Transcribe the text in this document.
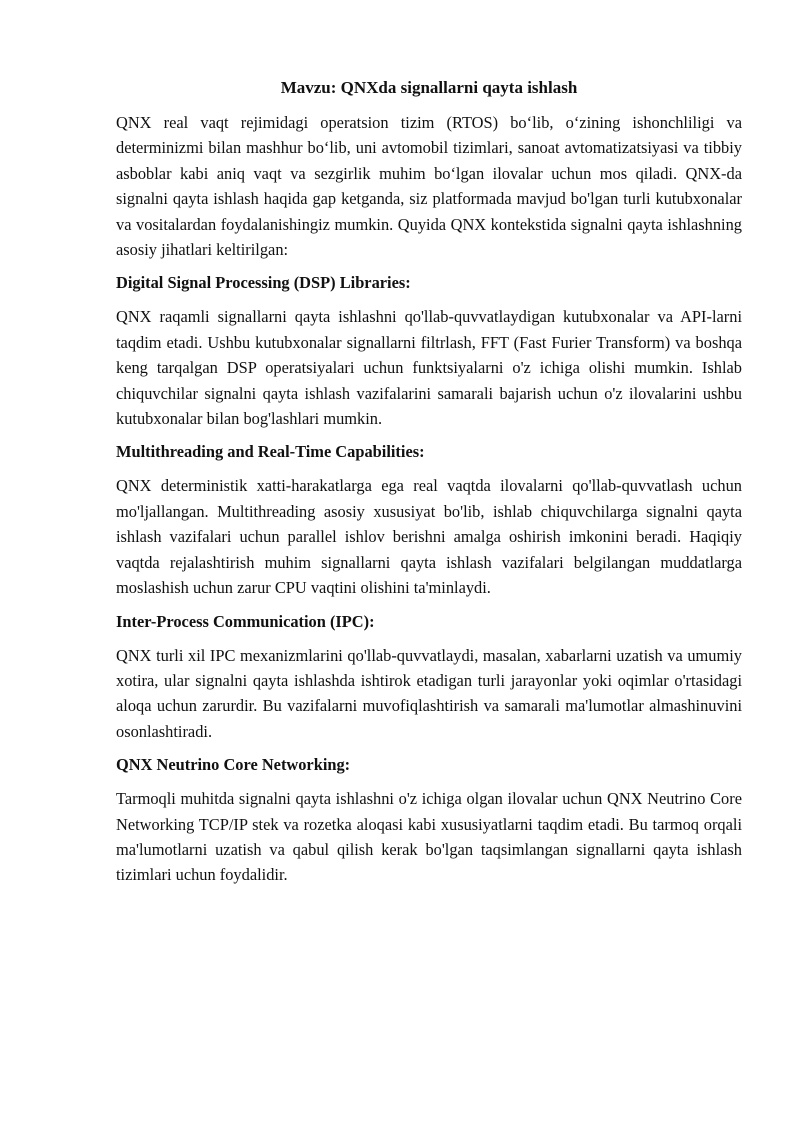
Mavzu: QNXda signallarni qayta ishlash

QNX real vaqt rejimidagi operatsion tizim (RTOS) bo‘lib, o‘zining ishonchliligi va determinizmi bilan mashhur bo‘lib, uni avtomobil tizimlari, sanoat avtomatizatsiyasi va tibbiy asboblar kabi aniq vaqt va sezgirlik muhim bo‘lgan ilovalar uchun mos qiladi. QNX-da signalni qayta ishlash haqida gap ketganda, siz platformada mavjud bo'lgan turli kutubxonalar va vositalardan foydalanishingiz mumkin. Quyida QNX kontekstida signalni qayta ishlashning asosiy jihatlari keltirilgan:

Digital Signal Processing (DSP) Libraries:

QNX raqamli signallarni qayta ishlashni qo'llab-quvvatlaydigan kutubxonalar va API-larni taqdim etadi. Ushbu kutubxonalar signallarni filtrlash, FFT (Fast Furier Transform) va boshqa keng tarqalgan DSP operatsiyalari uchun funktsiyalarni o'z ichiga olishi mumkin. Ishlab chiquvchilar signalni qayta ishlash vazifalarini samarali bajarish uchun o'z ilovalarini ushbu kutubxonalar bilan bog'lashlari mumkin.

Multithreading and Real-Time Capabilities:

QNX deterministik xatti-harakatlarga ega real vaqtda ilovalarni qo'llab-quvvatlash uchun mo'ljallangan. Multithreading asosiy xususiyat bo'lib, ishlab chiquvchilarga signalni qayta ishlash vazifalari uchun parallel ishlov berishni amalga oshirish imkonini beradi. Haqiqiy vaqtda rejalashtirish muhim signallarni qayta ishlash vazifalari belgilangan muddatlarga moslashish uchun zarur CPU vaqtini olishini ta'minlaydi.

Inter-Process Communication (IPC):

QNX turli xil IPC mexanizmlarini qo'llab-quvvatlaydi, masalan, xabarlarni uzatish va umumiy xotira, ular signalni qayta ishlashda ishtirok etadigan turli jarayonlar yoki oqimlar o'rtasidagi aloqa uchun zarurdir. Bu vazifalarni muvofiqlashtirish va samarali ma'lumotlar almashinuvini osonlashtiradi.

QNX Neutrino Core Networking:

Tarmoqli muhitda signalni qayta ishlashni o'z ichiga olgan ilovalar uchun QNX Neutrino Core Networking TCP/IP stek va rozetka aloqasi kabi xususiyatlarni taqdim etadi. Bu tarmoq orqali ma'lumotlarni uzatish va qabul qilish kerak bo'lgan taqsimlangan signallarni qayta ishlash tizimlari uchun foydalidir.
